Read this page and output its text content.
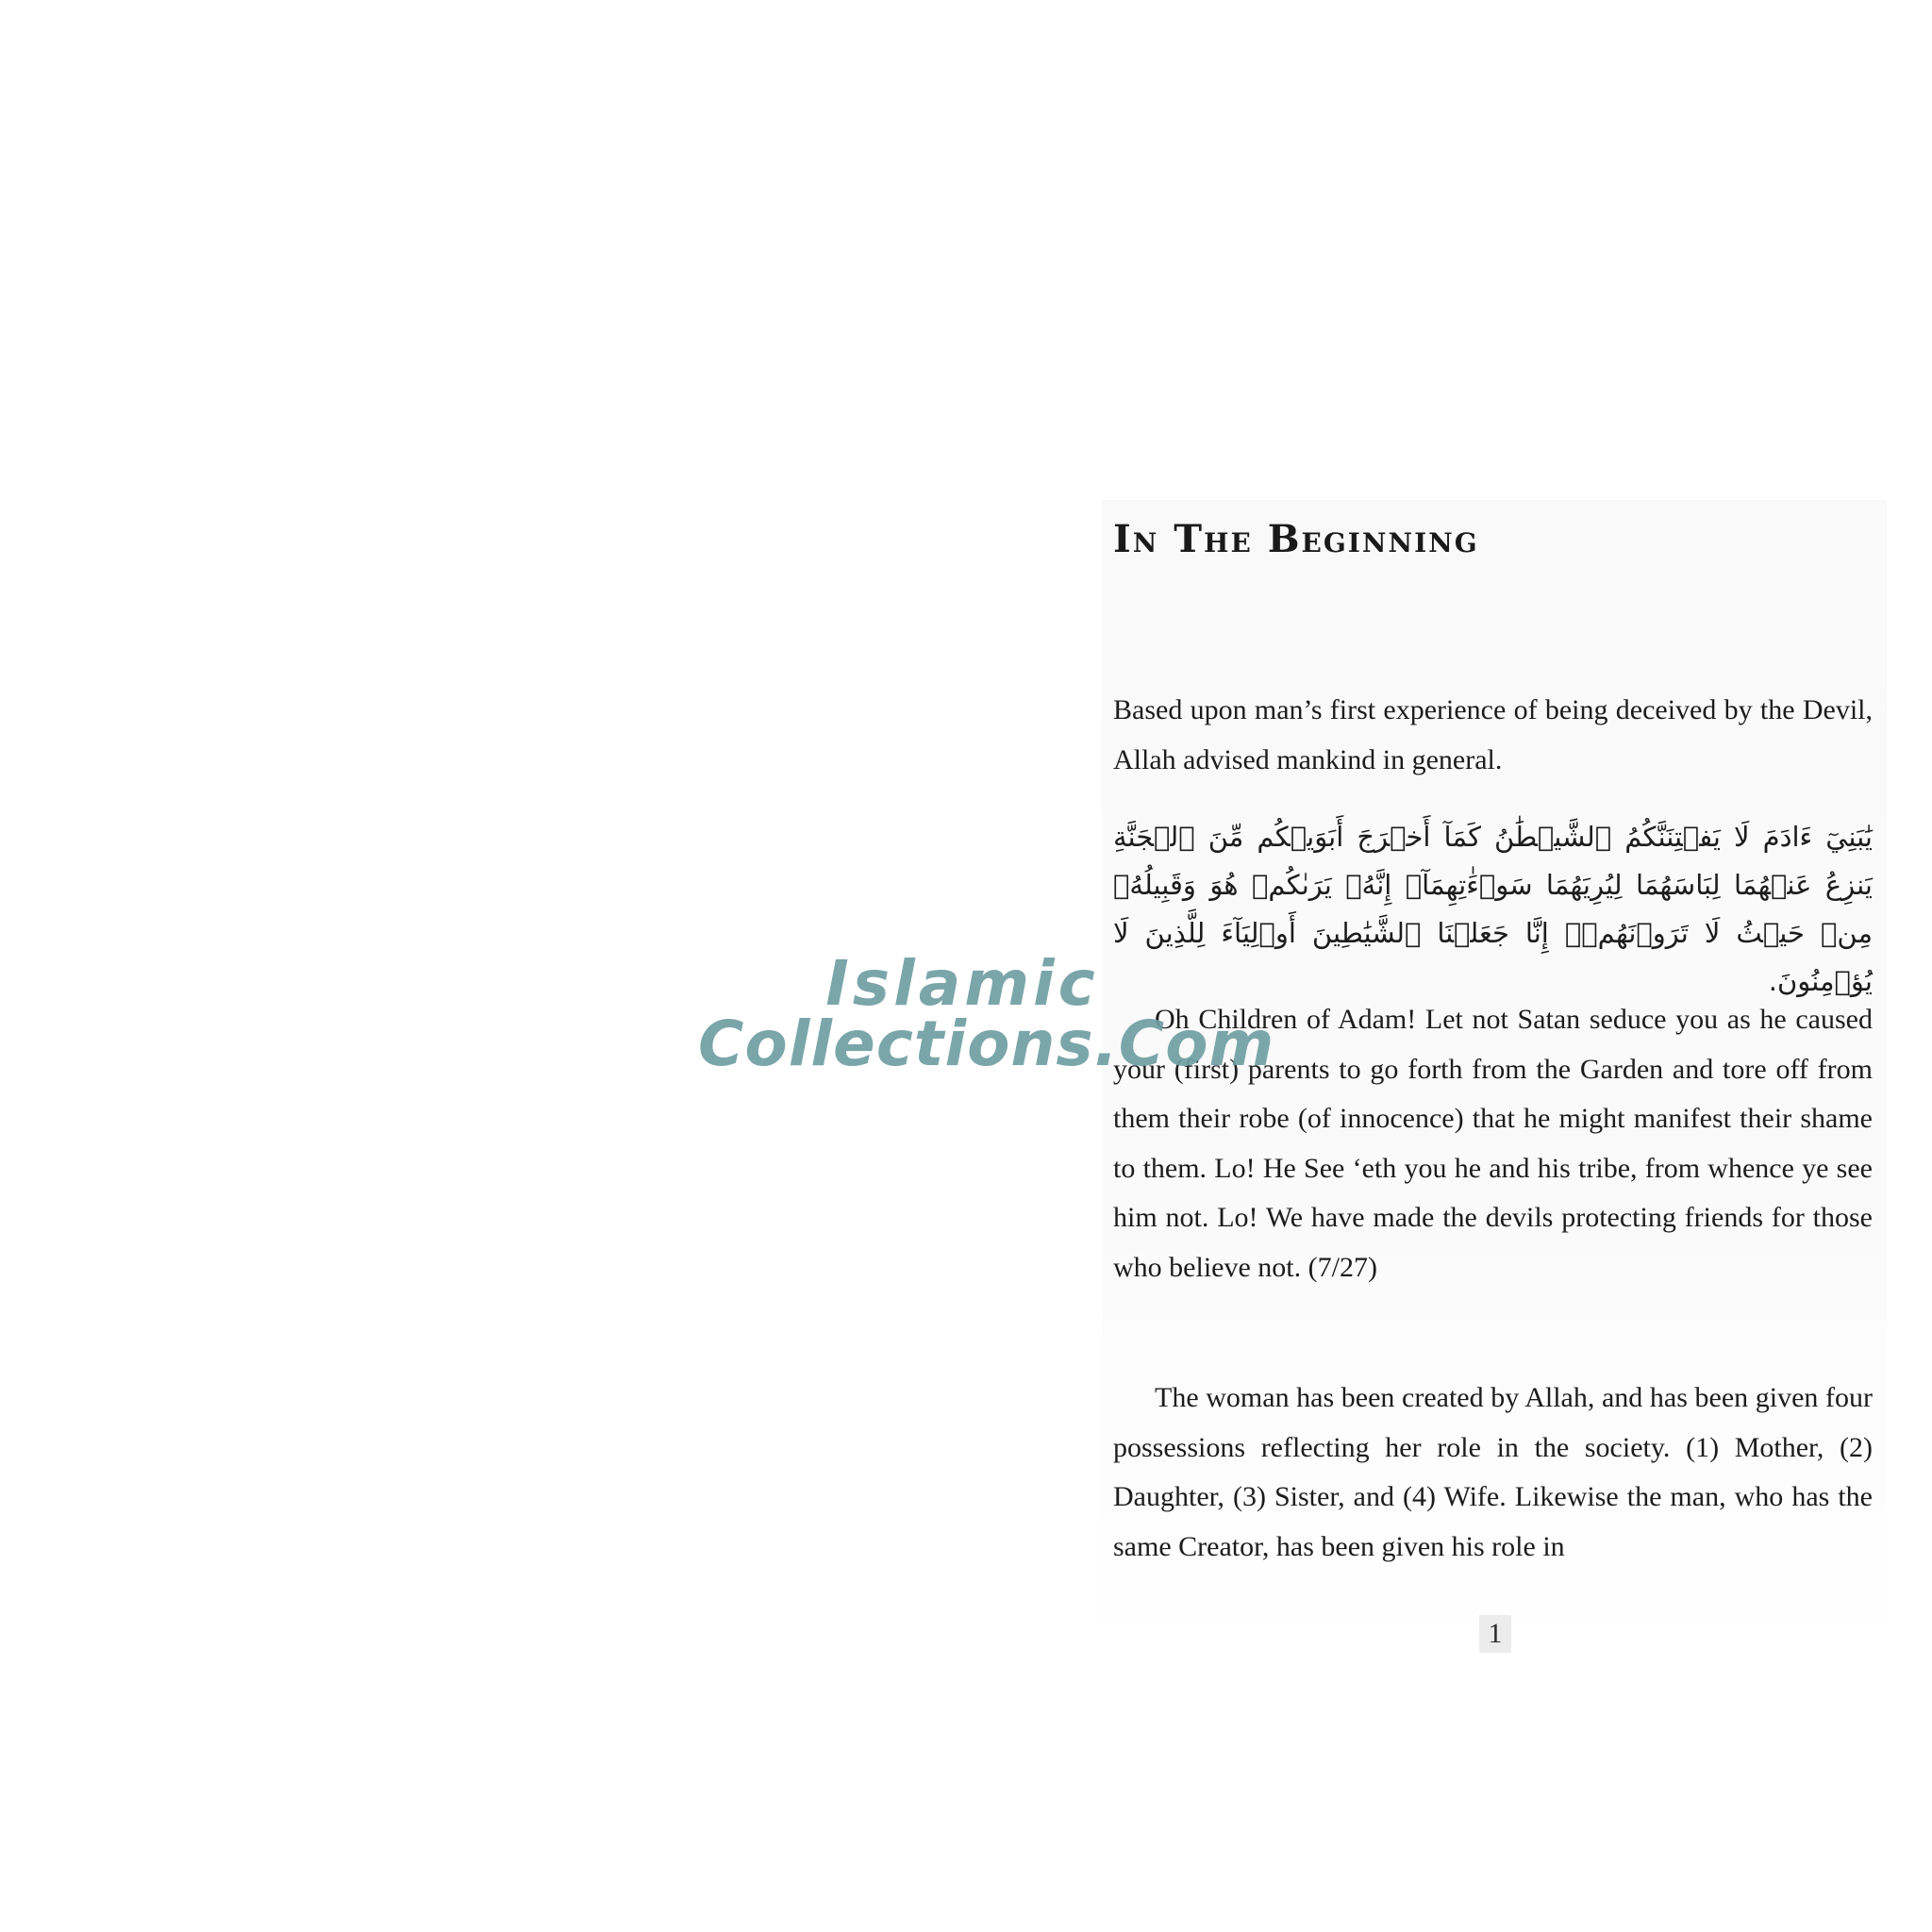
In The Beginning

Based upon man’s first experience of being deceived by the Devil, Allah advised mankind in general.

يَٰبَنِيٓ ءَادَمَ لَا يَفۡتِنَنَّكُمُ ٱلشَّيۡطَٰنُ كَمَآ أَخۡرَجَ أَبَوَيۡكُم مِّنَ ٱلۡجَنَّةِ يَنزِعُ عَنۡهُمَا لِبَاسَهُمَا لِيُرِيَهُمَا سَوۡءَٰتِهِمَآۚ إِنَّهُۥ يَرَىٰكُمۡ هُوَ وَقَبِيلُهُۥ مِنۡ حَيۡثُ لَا تَرَوۡنَهُمۡۗ إِنَّا جَعَلۡنَا ٱلشَّيَٰطِينَ أَوۡلِيَآءَ لِلَّذِينَ لَا يُؤۡمِنُونَ.

Oh Children of Adam! Let not Satan seduce you as he caused your (first) parents to go forth from the Garden and tore off from them their robe (of innocence) that he might manifest their shame to them. Lo! He See ‘eth you he and his tribe, from whence ye see him not. Lo! We have made the devils protecting friends for those who believe not. (7/27)

The woman has been created by Allah, and has been given four possessions reflecting her role in the society. (1) Mother, (2) Daughter, (3) Sister, and (4) Wife. Likewise the man, who has the same Creator, has been given his role in

1
Islamic
Collections.Com
